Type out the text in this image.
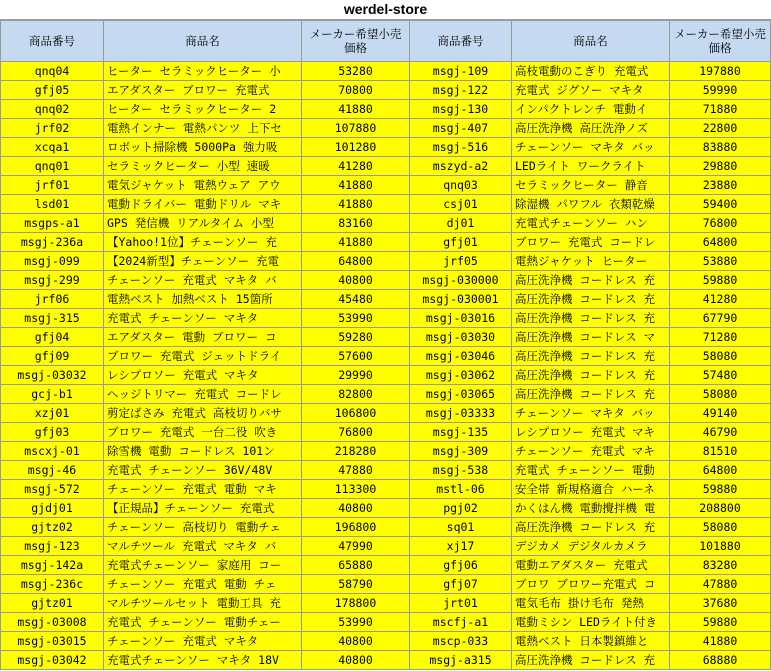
werdel-store
商品番号	商品名	メーカー希望小売価格	商品番号	商品名	メーカー希望小売価格
qnq04	ヒーター セラミックヒーター 小	53280	msgj-109	高枝電動のこぎり 充電式	197880
gfj05	エアダスター ブロワー 充電式	70800	msgj-122	充電式 ジグソー マキタ	59990
qnq02	ヒーター セラミックヒーター 2	41880	msgj-130	インパクトレンチ 電動イ	71880
jrf02	電熱インナー 電熱パンツ 上下セ	107880	msgj-407	高圧洗浄機 高圧洗浄ノズ	22800
xcqa1	ロボット掃除機 5000Pa 強力吸	101280	msgj-516	チェーンソー マキタ バッ	83880
qnq01	セラミックヒーター 小型 速暖	41280	mszyd-a2	LEDライト ワークライト	29880
jrf01	電気ジャケット 電熱ウェア アウ	41880	qnq03	セラミックヒーター 静音	23880
lsd01	電動ドライバー 電動ドリル マキ	41880	csj01	除湿機 パワフル 衣類乾燥	59400
msgps-a1	GPS 発信機 リアルタイム 小型	83160	dj01	充電式チェーンソー ハン	76800
msgj-236a	【Yahoo!1位】チェーンソー 充	41880	gfj01	ブロワー 充電式 コードレ	64800
msgj-099	【2024新型】チェーンソー 充電	64800	jrf05	電熱ジャケット ヒーター	53880
msgj-299	チェーンソー 充電式 マキタ バ	40800	msgj-030000	高圧洗浄機 コードレス 充	59880
jrf06	電熱ベスト 加熱ベスト 15箇所	45480	msgj-030001	高圧洗浄機 コードレス 充	41280
msgj-315	充電式 チェーンソー マキタ	53990	msgj-03016	高圧洗浄機 コードレス 充	67790
gfj04	エアダスター 電動 ブロワー コ	59280	msgj-03030	高圧洗浄機 コードレス マ	71280
gfj09	ブロワー 充電式 ジェットドライ	57600	msgj-03046	高圧洗浄機 コードレス 充	58080
msgj-03032	レシプロソー 充電式 マキタ	29990	msgj-03062	高圧洗浄機 コードレス 充	57480
gcj-b1	ヘッジトリマー 充電式 コードレ	82800	msgj-03065	高圧洗浄機 コードレス 充	58080
xzj01	剪定ばさみ 充電式 高枝切りバサ	106800	msgj-03333	チェーンソー マキタ バッ	49140
gfj03	ブロワー 充電式 一台二役 吹き	76800	msgj-135	レシプロソー 充電式 マキ	46790
mscxj-01	除雪機 電動 コードレス 101ン	218280	msgj-309	チェーンソー 充電式 マキ	81510
msgj-46	充電式 チェーンソー 36V/48V	47880	msgj-538	充電式 チェーンソー 電動	64800
msgj-572	チェーンソー 充電式 電動 マキ	113300	mstl-06	安全帯 新規格適合 ハーネ	59880
gjdj01	【正規品】チェーンソー 充電式	40800	pgj02	かくはん機 電動攪拌機 電	208800
gjtz02	チェーンソー 高枝切り 電動チェ	196800	sq01	高圧洗浄機 コードレス 充	58080
msgj-123	マルチツール 充電式 マキタ バ	47990	xj17	デジカメ デジタルカメラ	101880
msgj-142a	充電式チェーンソー 家庭用 コー	65880	gfj06	電動エアダスター 充電式	83280
msgj-236c	チェーンソー 充電式 電動 チェ	58790	gfj07	ブロワ ブロワー充電式 コ	47880
gjtz01	マルチツールセット 電動工具 充	178800	jrt01	電気毛布 掛け毛布 発熱	37680
msgj-03008	充電式 チェーンソー 電動チェー	53990	mscfj-a1	電動ミシン LEDライト付き	59880
msgj-03015	チェーンソー 充電式 マキタ	40800	mscp-033	電熱ベスト 日本製鎮維と	41880
msgj-03042	充電式チェーンソー マキタ 18V	40800	msgj-a315	高圧洗浄機 コードレス 充	68880
